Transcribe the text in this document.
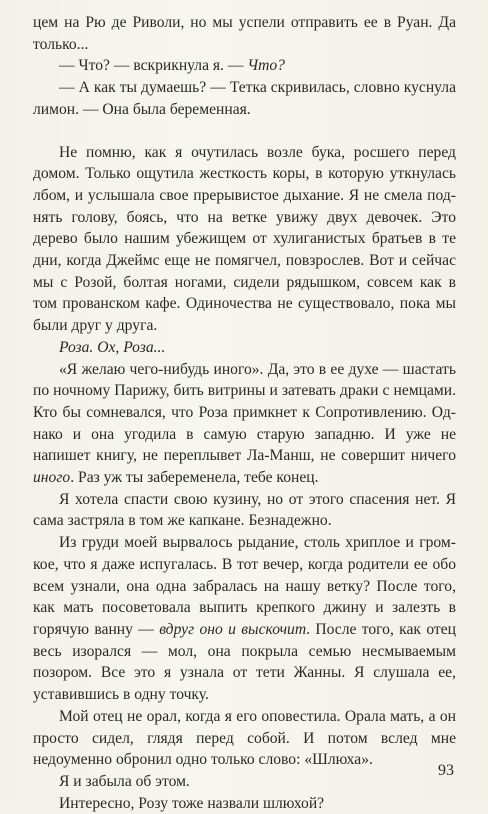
цем на Рю де Риволи, но мы успели отправить ее в Руан. Да только...

— Что? — вскрикнула я. — Что?

— А как ты думаешь? — Тетка скривилась, словно куснула лимон. — Она была беременная.

Не помню, как я очутилась возле бука, росшего перед домом. Только ощутила жесткость коры, в которую уткнулась лбом, и услышала свое прерывистое дыхание. Я не смела поднять голову, боясь, что на ветке увижу двух девочек. Это дерево было нашим убежищем от хулиганистых братьев в те дни, когда Джеймс еще не помягчел, повзрослев. Вот и сейчас мы с Розой, болтая ногами, сидели рядышком, совсем как в том прованском кафе. Одиночества не существовало, пока мы были друг у друга.

Роза. Ох, Роза...

«Я желаю чего-нибудь иного». Да, это в ее духе — шастать по ночному Парижу, бить витрины и затевать драки с немцами. Кто бы сомневался, что Роза примкнет к Сопротивлению. Однако и она угодила в самую старую западню. И уже не напишет книгу, не переплывет Ла-Манш, не совершит ничего иного. Раз уж ты забеременела, тебе конец.

Я хотела спасти свою кузину, но от этого спасения нет. Я сама застряла в том же капкане. Безнадежно.

Из груди моей вырвалось рыдание, столь хриплое и громкое, что я даже испугалась. В тот вечер, когда родители ее обо всем узнали, она одна забралась на нашу ветку? После того, как мать посоветовала выпить крепкого джину и залезть в горячую ванну — вдруг оно и выскочит. После того, как отец весь изорался — мол, она покрыла семью несмываемым позором. Все это я узнала от тети Жанны. Я слушала ее, уставившись в одну точку.

Мой отец не орал, когда я его оповестила. Орала мать, а он просто сидел, глядя перед собой. И потом вслед мне недоуменно обронил одно только слово: «Шлюха».

Я и забыла об этом.

Интересно, Розу тоже назвали шлюхой?

93
